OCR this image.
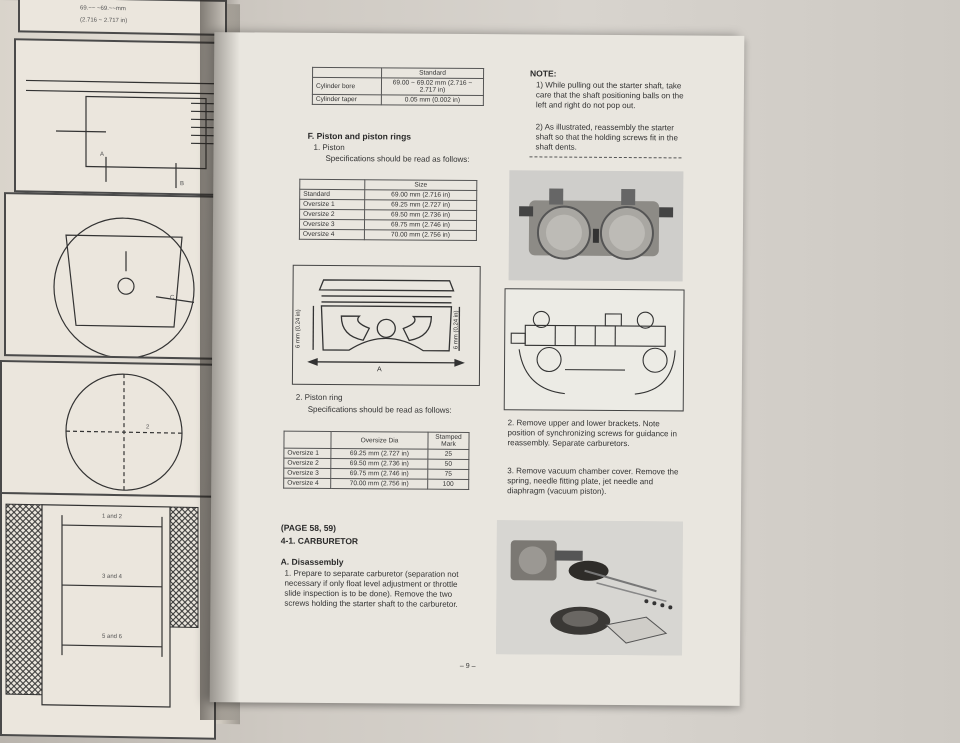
69.~~ ~69.~~mm
(2.716 ~ 2.717 in)
A
B
C
2
1 and 2
3 and 4
5 and 6
	Standard
Cylinder bore	69.00 ~ 69.02 mm (2.716 ~ 2.717 in)
Cylinder taper	0.05 mm (0.002 in)
F. Piston and piston rings
1. Piston
Specifications should be read as follows:
	Size
Standard	69.00 mm (2.716 in)
Oversize 1	69.25 mm (2.727 in)
Oversize 2	69.50 mm (2.736 in)
Oversize 3	69.75 mm (2.746 in)
Oversize 4	70.00 mm (2.756 in)
6 mm (0.24 in)	6 mm (0.24 in)
A
2. Piston ring
Specifications should be read as follows:
	Oversize Dia	Stamped Mark
Oversize 1	69.25 mm (2.727 in)	25
Oversize 2	69.50 mm (2.736 in)	50
Oversize 3	69.75 mm (2.746 in)	75
Oversize 4	70.00 mm (2.756 in)	100
(PAGE 58, 59)
4-1. CARBURETOR
A. Disassembly
1. Prepare to separate carburetor (separation not necessary if only float level adjustment or throttle slide inspection is to be done). Remove the two screws holding the starter shaft to the carburetor.
NOTE:
1) While pulling out the starter shaft, take care that the shaft positioning balls on the left and right do not pop out.
2) As illustrated, reassembly the starter shaft so that the holding screws fit in the shaft dents.
2. Remove upper and lower brackets. Note position of synchronizing screws for guidance in reassembly. Separate carburetors.
3. Remove vacuum chamber cover. Remove the spring, needle fitting plate, jet needle and diaphragm (vacuum piston).
– 9 –
